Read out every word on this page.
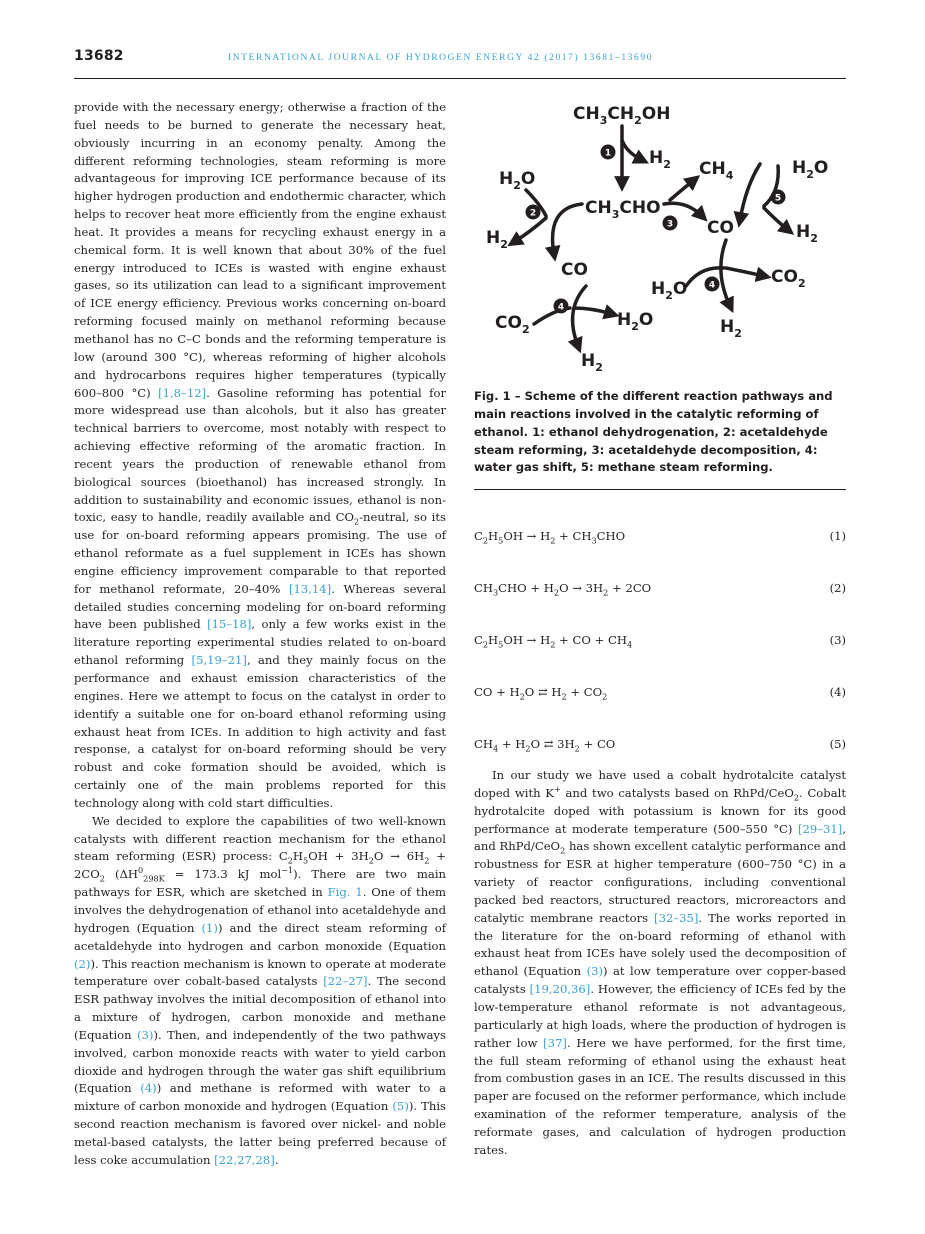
13682	INTERNATIONAL JOURNAL OF HYDROGEN ENERGY 42 (2017) 13681–13690

provide with the necessary energy; otherwise a fraction of the fuel needs to be burned to generate the necessary heat, obviously incurring in an economy penalty. Among the different reforming technologies, steam reforming is more advantageous for improving ICE performance because of its higher hydrogen production and endothermic character, which helps to recover heat more efficiently from the engine exhaust heat. It provides a means for recycling exhaust energy in a chemical form. It is well known that about 30% of the fuel energy introduced to ICEs is wasted with engine exhaust gases, so its utilization can lead to a significant improvement of ICE energy efficiency. Previous works concerning on-board reforming focused mainly on methanol reforming because methanol has no C–C bonds and the reforming temperature is low (around 300 °C), whereas reforming of higher alcohols and hydrocarbons requires higher temperatures (typically 600–800 °C) [1,8–12]. Gasoline reforming has potential for more widespread use than alcohols, but it also has greater technical barriers to overcome, most notably with respect to achieving effective reforming of the aromatic fraction. In recent years the production of renewable ethanol from biological sources (bioethanol) has increased strongly. In addition to sustainability and economic issues, ethanol is non-toxic, easy to handle, readily available and $CO_2$-neutral, so its use for on-board reforming appears promising. The use of ethanol reformate as a fuel supplement in ICEs has shown engine efficiency improvement comparable to that reported for methanol reformate, 20–40% [13,14]. Whereas several detailed studies concerning modeling for on-board reforming have been published [15–18], only a few works exist in the literature reporting experimental studies related to on-board ethanol reforming [5,19–21], and they mainly focus on the performance and exhaust emission characteristics of the engines. Here we attempt to focus on the catalyst in order to identify a suitable one for on-board ethanol reforming using exhaust heat from ICEs. In addition to high activity and fast response, a catalyst for on-board reforming should be very robust and coke formation should be avoided, which is certainly one of the main problems reported for this technology along with cold start difficulties.

We decided to explore the capabilities of two well-known catalysts with different reaction mechanism for the ethanol steam reforming (ESR) process: $C_2H_5OH + 3H_2O \to 6H_2 + 2CO_2$ ($\Delta H^0_{298K} = 173.3$ kJ mol$^{-1}$). There are two main pathways for ESR, which are sketched in Fig. 1. One of them involves the dehydrogenation of ethanol into acetaldehyde and hydrogen (Equation (1)) and the direct steam reforming of acetaldehyde into hydrogen and carbon monoxide (Equation (2)). This reaction mechanism is known to operate at moderate temperature over cobalt-based catalysts [22–27]. The second ESR pathway involves the initial decomposition of ethanol into a mixture of hydrogen, carbon monoxide and methane (Equation (3)). Then, and independently of the two pathways involved, carbon monoxide reacts with water to yield carbon dioxide and hydrogen through the water gas shift equilibrium (Equation (4)) and methane is reformed with water to a mixture of carbon monoxide and hydrogen (Equation (5)). This second reaction mechanism is favored over nickel- and noble metal-based catalysts, the latter being preferred because of less coke accumulation [22,27,28].

$CH_3CH_2OH$
$H_2$ $CH_4$	$H_2O$
$H_2O$
$CH_3CHO$
CO	$H_2$
$H_2$
CO	$CO_2$
$H_2O$
$CO_2$	$H_2O$	$H_2$
$H_2$
1
2
3
4
4
5
Fig. 1 – Scheme of the different reaction pathways and main reactions involved in the catalytic reforming of ethanol. 1: ethanol dehydrogenation, 2: acetaldehyde steam reforming, 3: acetaldehyde decomposition, 4: water gas shift, 5: methane steam reforming.
$C_2H_5OH \to H_2 + CH_3CHO$	(1)
$CH_3CHO + H_2O \to 3H_2 + 2CO$	(2)
$C_2H_5OH \to H_2$ + CO + $CH_4$	(3)
CO + $H_2O$ ⇄ $H_2 + CO_2$	(4)
$CH_4 + H_2O$ ⇄ $3H_2$ + CO	(5)

In our study we have used a cobalt hydrotalcite catalyst doped with K+ and two catalysts based on RhPd/CeO$_2$. Cobalt hydrotalcite doped with potassium is known for its good performance at moderate temperature (500–550 °C) [29–31], and RhPd/CeO$_2$ has shown excellent catalytic performance and robustness for ESR at higher temperature (600–750 °C) in a variety of reactor configurations, including conventional packed bed reactors, structured reactors, microreactors and catalytic membrane reactors [32–35]. The works reported in the literature for the on-board reforming of ethanol with exhaust heat from ICEs have solely used the decomposition of ethanol (Equation (3)) at low temperature over copper-based catalysts [19,20,36]. However, the efficiency of ICEs fed by the low-temperature ethanol reformate is not advantageous, particularly at high loads, where the production of hydrogen is rather low [37]. Here we have performed, for the first time, the full steam reforming of ethanol using the exhaust heat from combustion gases in an ICE. The results discussed in this paper are focused on the reformer performance, which include examination of the reformer temperature, analysis of the reformate gases, and calculation of hydrogen production rates.
